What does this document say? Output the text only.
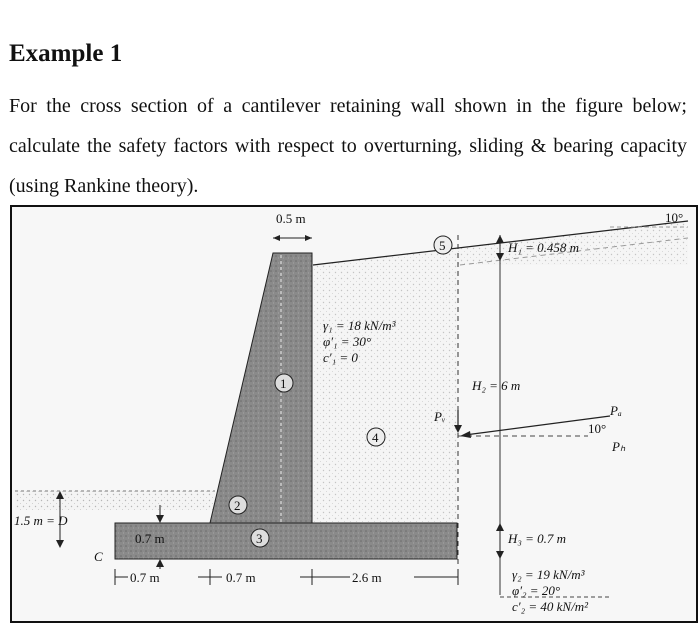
Example 1

For the cross section of a cantilever retaining wall shown in the figure below; calculate the safety factors with respect to overturning, sliding & bearing capacity (using Rankine theory).

0.5 m
H₁ = 0.458 m
H₂ = 6 m
H₃ = 0.7 m
10°
γ₁ = 18 kN/m³
φ′₁ = 30°
c′₁ = 0
Pᵥ	Pₐ
Pₕ
10°
1
2
3
4
5
1.5 m = D
0.7 m
C
0.7 m	0.7 m	2.6 m	γ₂ = 19 kN/m³
φ′₂ = 20°
c′₂ = 40 kN/m²
